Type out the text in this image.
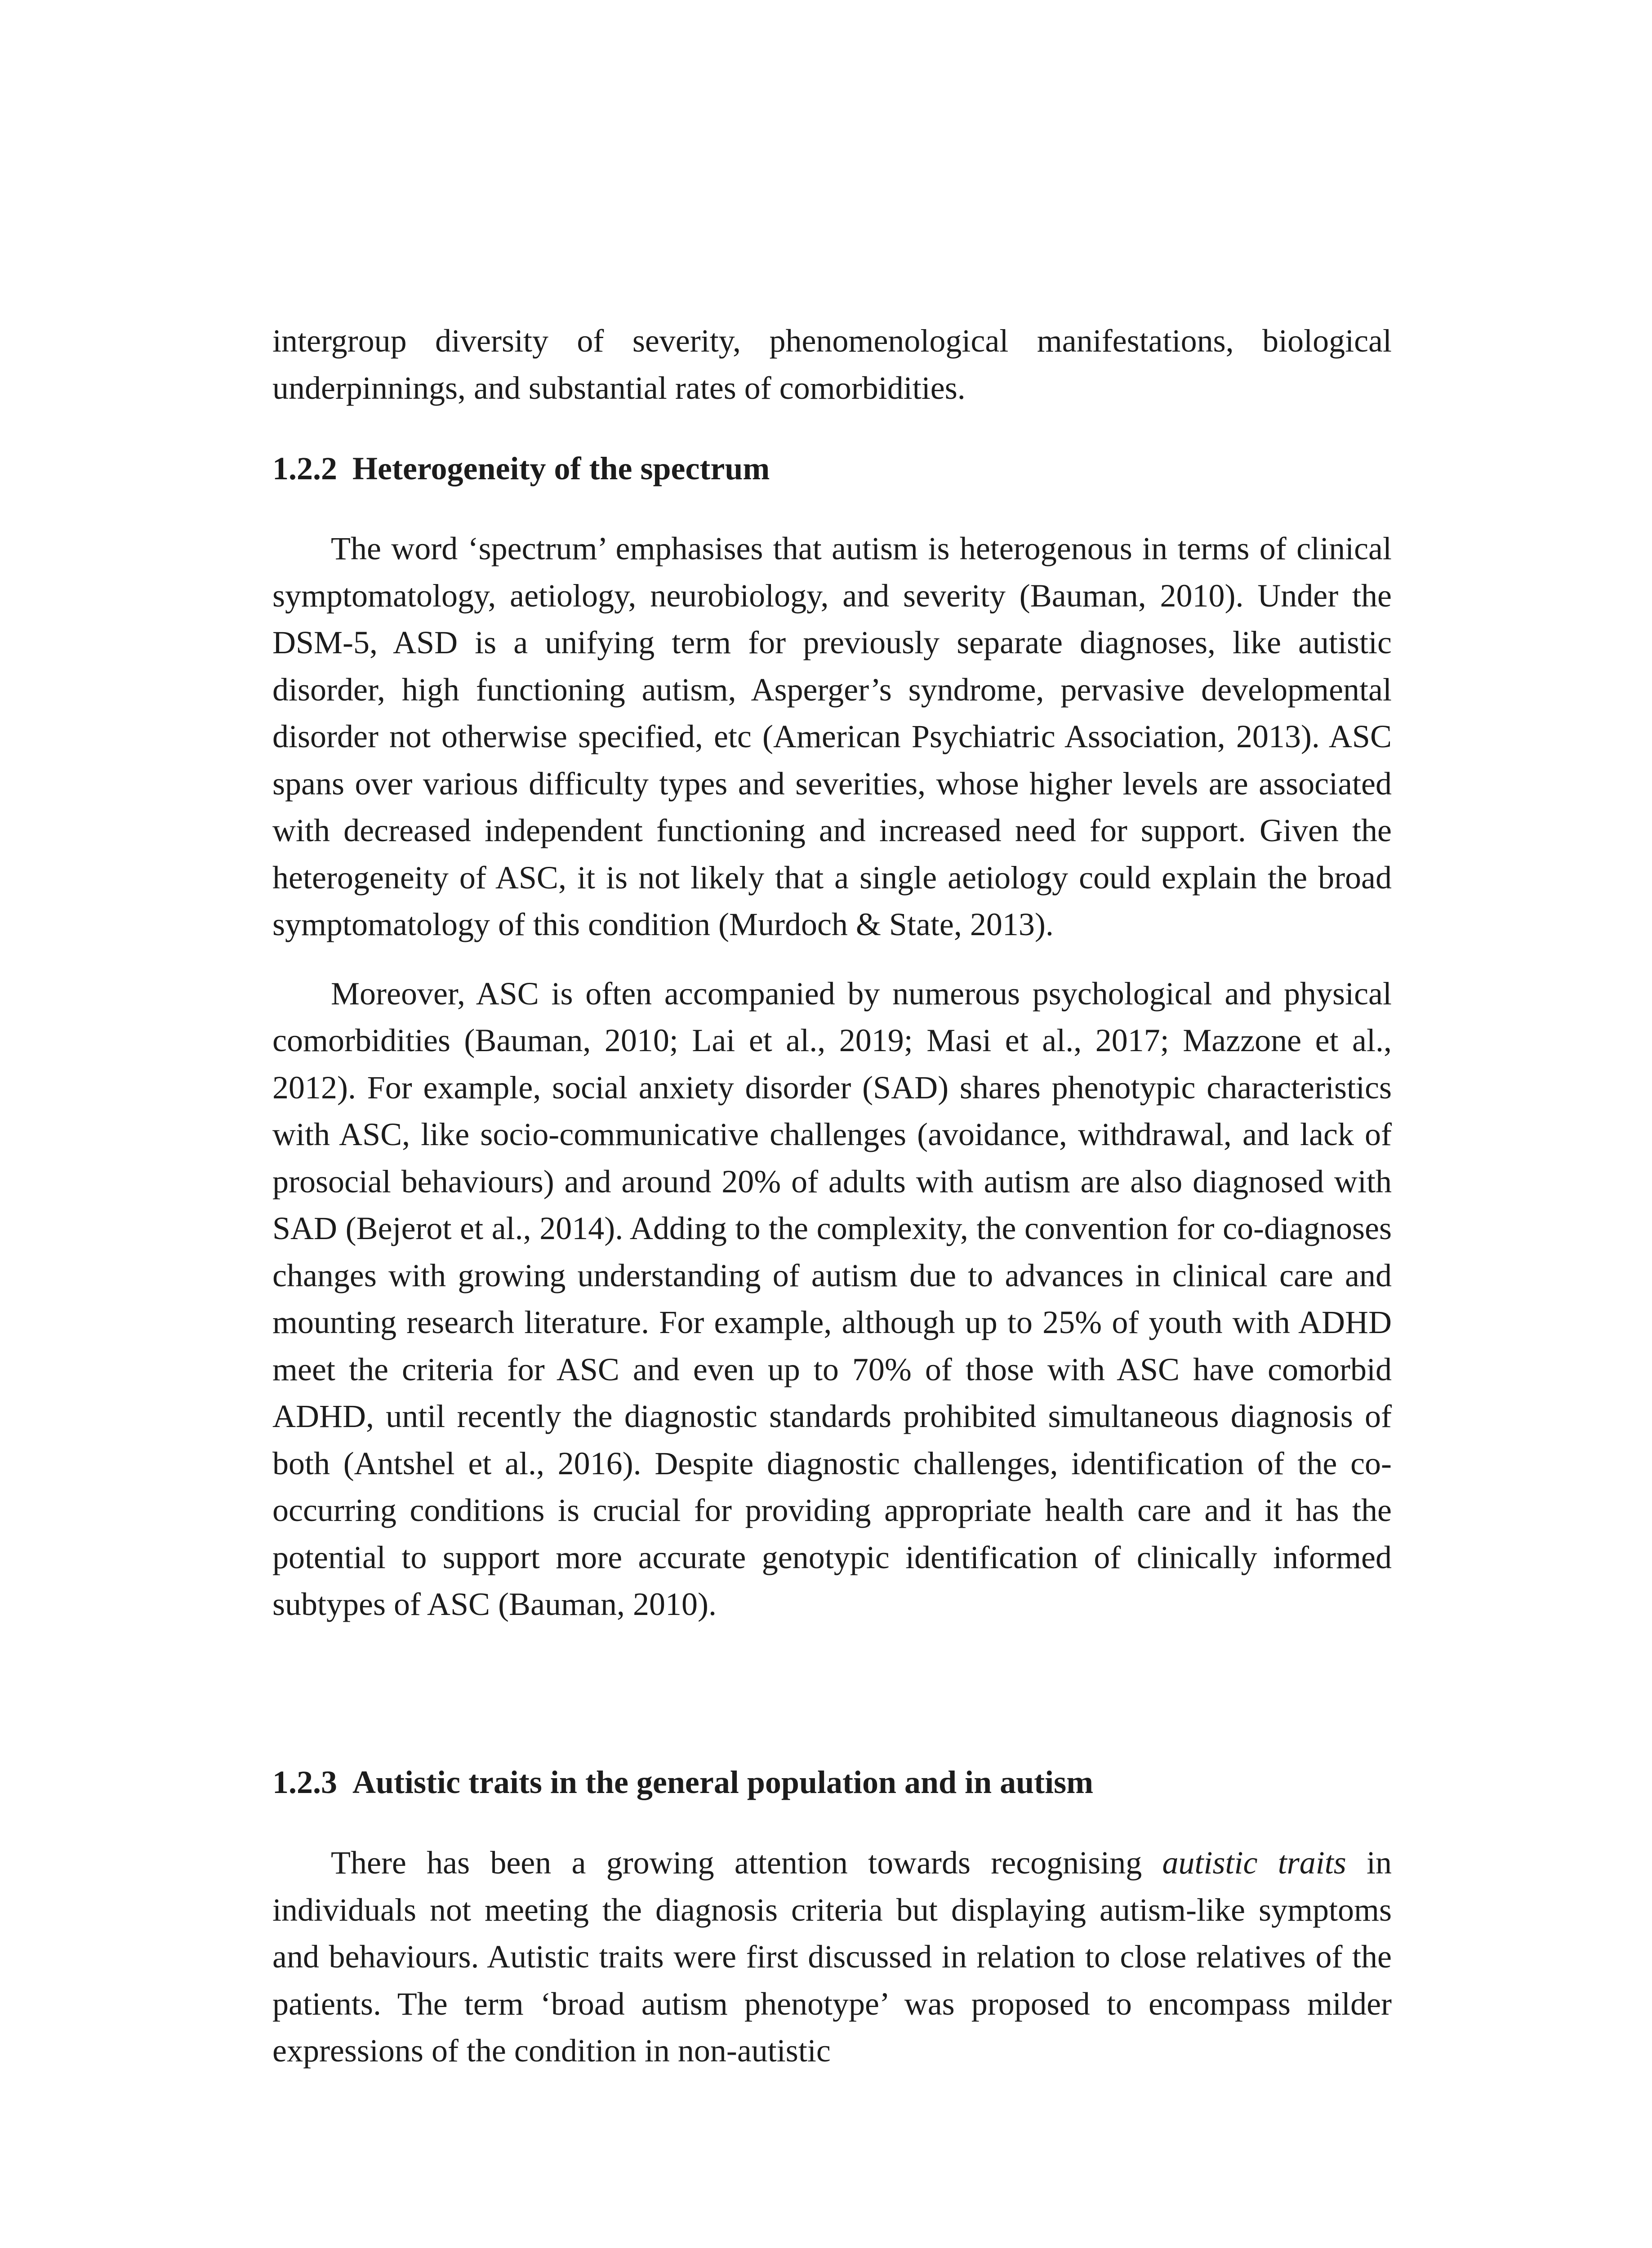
intergroup diversity of severity, phenomenological manifestations, biological underpinnings, and substantial rates of comorbidities.

1.2.2 Heterogeneity of the spectrum

The word ‘spectrum’ emphasises that autism is heterogenous in terms of clinical symptomatology, aetiology, neurobiology, and severity (Bauman, 2010). Under the DSM-5, ASD is a unifying term for previously separate diagnoses, like autistic disorder, high functioning autism, Asperger’s syndrome, pervasive developmental disorder not otherwise specified, etc (American Psychiatric Association, 2013). ASC spans over various difficulty types and severities, whose higher levels are associated with decreased independent functioning and increased need for support. Given the heterogeneity of ASC, it is not likely that a single aetiology could explain the broad symptomatology of this condition (Murdoch & State, 2013).

Moreover, ASC is often accompanied by numerous psychological and physical comorbidities (Bauman, 2010; Lai et al., 2019; Masi et al., 2017; Mazzone et al., 2012). For example, social anxiety disorder (SAD) shares phenotypic characteristics with ASC, like socio-communicative challenges (avoidance, withdrawal, and lack of prosocial behaviours) and around 20% of adults with autism are also diagnosed with SAD (Bejerot et al., 2014). Adding to the complexity, the convention for co-diagnoses changes with growing understanding of autism due to advances in clinical care and mounting research literature. For example, although up to 25% of youth with ADHD meet the criteria for ASC and even up to 70% of those with ASC have comorbid ADHD, until recently the diagnostic standards prohibited simultaneous diagnosis of both (Antshel et al., 2016). Despite diagnostic challenges, identification of the co-occurring conditions is crucial for providing appropriate health care and it has the potential to support more accurate genotypic identification of clinically informed subtypes of ASC (Bauman, 2010).

1.2.3 Autistic traits in the general population and in autism

There has been a growing attention towards recognising autistic traits in individuals not meeting the diagnosis criteria but displaying autism-like symptoms and behaviours. Autistic traits were first discussed in relation to close relatives of the patients. The term ‘broad autism phenotype’ was proposed to encompass milder expressions of the condition in non-autistic
